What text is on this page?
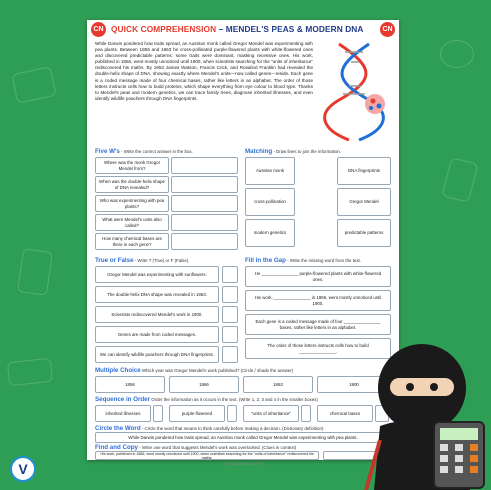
CN QUICK COMPREHENSION – MENDEL'S PEAS & MODERN DNA	CN

While Darwin pondered how traits spread, an Austrian monk called Gregor Mendel was experimenting with pea plants. Between 1856 and 1863 he cross-pollinated purple-flowered plants with white-flowered ones and discovered predictable patterns: some traits were dominant, masking recessive ones. His work, published in 1866, went mostly unnoticed until 1900, when scientists searching for the "units of inheritance" rediscovered his maths. By 1953 James Watson, Francis Crick, and Rosalind Franklin had revealed the double-helix shape of DNA, showing exactly where Mendel's units—now called genes—reside. Each gene is a coded message made of four chemical bases, rather like letters in an alphabet. The order of those letters instructs cells how to build proteins, which shape everything from eye colour to blood type. Thanks to Mendel's peas and modern genetics, we can trace family trees, diagnose inherited illnesses, and even identify wildlife poachers through DNA fingerprints.

Five W's - Write the correct answer in the box.
Where was the monk Gregor Mendel from?
When was the double-helix shape of DNA revealed?
Who was experimenting with pea plants?
What were Mendel's units also called?
How many chemical bases are there in each gene?
Matching - Draw lines to join the information.
Austrian monk
cross-pollination
modern genetics
DNA fingerprints
Gregor Mendel
predictable patterns
True or False - Write T (True) or F (False).
Gregor Mendel was experimenting with sunflowers.
The double-helix DNA shape was revealed in 1953.
Scientists rediscovered Mendel's work in 1900.
Genes are made from coded messages.
We can identify wildlife poachers through DNA fingerprints.
Fill in the Gap - Write the missing word from the text.
He _______________ purple-flowered plants with white-flowered ones.
His work, _______________ in 1866, went mostly unnoticed until 1900.
Each gene is a coded message made of four _______________ bases, rather like letters in an alphabet.
The order of those letters instructs cells how to build _______________.
Multiple Choice Which year was Gregor Mendel's work published? (Circle / shade the answer)
1856	1866	1863	1900
Sequence in Order Order the information as it occurs in the text. (Write 1, 2, 3 and 4 in the smaller boxes)
inherited illnesses	purple-flowered	"units of inheritance"	chemical bases
Circle the Word - Circle the word that means to think carefully before making a decision. (Dictionary definition)
While Darwin pondered how traits spread, an Austrian monk called Gregor Mendel was experimenting with pea plants.
Find and Copy - Write one word that suggests Mendel's work was overlooked. (Clues in context)
His work, published in 1866, went mostly unnoticed until 1900, when scientists searching for the "units of inheritance" rediscovered his maths.
© Vocabulary Ninja 2025
V
